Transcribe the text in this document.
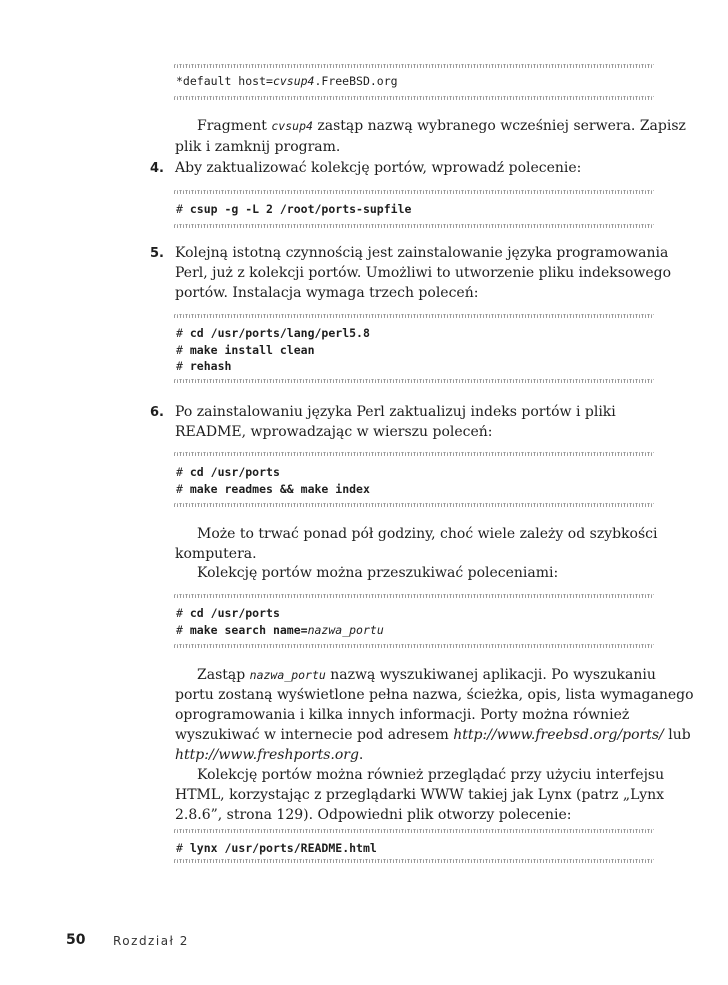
*default host=cvsup4.FreeBSD.org
Fragment cvsup4 zastąp nazwą wybranego wcześniej serwera. Zapisz
plik i zamknij program.
4. Aby zaktualizować kolekcję portów, wprowadź polecenie:
# csup -g -L 2 /root/ports-supfile
5. Kolejną istotną czynnością jest zainstalowanie języka programowania
Perl, już z kolekcji portów. Umożliwi to utworzenie pliku indeksowego
portów. Instalacja wymaga trzech poleceń:
# cd /usr/ports/lang/perl5.8
# make install clean
# rehash
6. Po zainstalowaniu języka Perl zaktualizuj indeks portów i pliki
README, wprowadzając w wierszu poleceń:
# cd /usr/ports
# make readmes && make index
Może to trwać ponad pół godziny, choć wiele zależy od szybkości
komputera.
Kolekcję portów można przeszukiwać poleceniami:
# cd /usr/ports
# make search name=nazwa_portu
Zastąp nazwa_portu nazwą wyszukiwanej aplikacji. Po wyszukaniu
portu zostaną wyświetlone pełna nazwa, ścieżka, opis, lista wymaganego
oprogramowania i kilka innych informacji. Porty można również
wyszukiwać w internecie pod adresem http://www.freebsd.org/ports/ lub
http://www.freshports.org.
Kolekcję portów można również przeglądać przy użyciu interfejsu
HTML, korzystając z przeglądarki WWW takiej jak Lynx (patrz „Lynx
2.8.6”, strona 129). Odpowiedni plik otworzy polecenie:
# lynx /usr/ports/README.html
50 Rozdział 2
